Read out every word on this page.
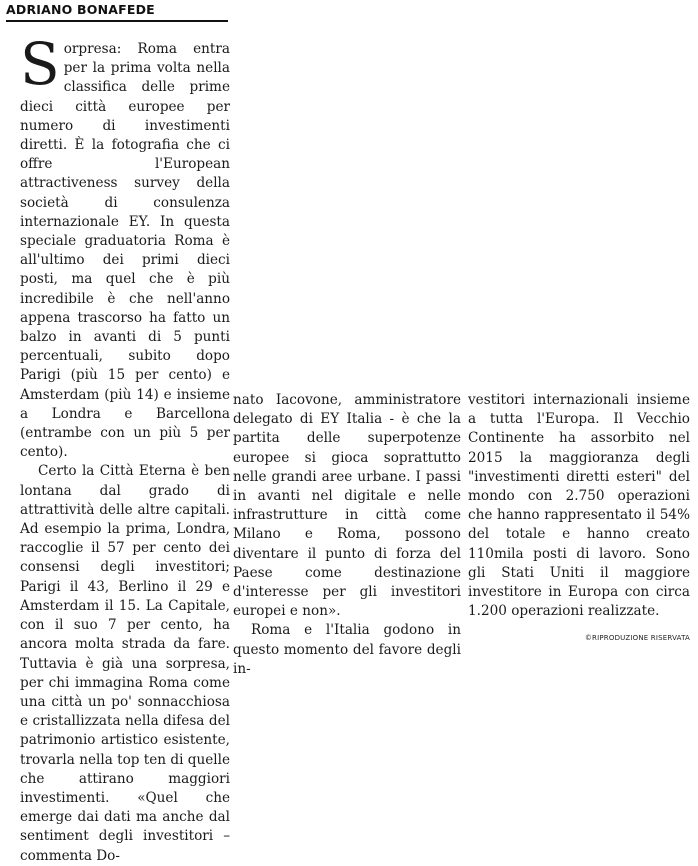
ADRIANO BONAFEDE

Sorpresa: Roma entra per la prima volta nella classifica delle prime dieci città europee per numero di investimenti diretti. È la fotografia che ci offre l'European attractiveness survey della società di consulenza internazionale EY. In questa speciale graduatoria Roma è all'ultimo dei primi dieci posti, ma quel che è più incredibile è che nell'anno appena trascorso ha fatto un balzo in avanti di 5 punti percentuali, subito dopo Parigi (più 15 per cento) e Amsterdam (più 14) e insieme a Londra e Barcellona (entrambe con un più 5 per cento).

Certo la Città Eterna è ben lontana dal grado di attrattività delle altre capitali. Ad esempio la prima, Londra, raccoglie il 57 per cento dei consensi degli investitori; Parigi il 43, Berlino il 29 e Amsterdam il 15. La Capitale, con il suo 7 per cento, ha ancora molta strada da fare. Tuttavia è già una sorpresa, per chi immagina Roma come una città un po' sonnacchiosa e cristallizzata nella difesa del patrimonio artistico esistente, trovarla nella top ten di quelle che attirano maggiori investimenti. «Quel che emerge dai dati ma anche dal sentiment degli investitori – commenta Do-

nato Iacovone, amministratore delegato di EY Italia - è che la partita delle superpotenze europee si gioca soprattutto nelle grandi aree urbane. I passi in avanti nel digitale e nelle infrastrutture in città come Milano e Roma, possono diventare il punto di forza del Paese come destinazione d'interesse per gli investitori europei e non».

Roma e l'Italia godono in questo momento del favore degli in-

vestitori internazionali insieme a tutta l'Europa. Il Vecchio Continente ha assorbito nel 2015 la maggioranza degli "investimenti diretti esteri" del mondo con 2.750 operazioni che hanno rappresentato il 54% del totale e hanno creato 110mila posti di lavoro. Sono gli Stati Uniti il maggiore investitore in Europa con circa 1.200 operazioni realizzate.

©RIPRODUZIONE RISERVATA
